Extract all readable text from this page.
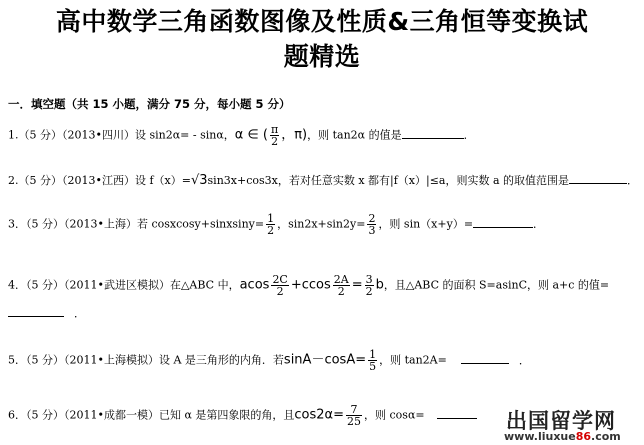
高中数学三角函数图像及性质&三角恒等变换试
题精选
一．填空题（共 15 小题，满分 75 分，每小题 5 分）
1.（5 分）（2013•四川）设 sin2α= - sinα，α ∈ ( $\frac{\pi}{2}$ ，π)，则 tan2α 的值是	．
2.（5 分）（2013•江西）设 f（x）=√3sin3x+cos3x，若对任意实数 x 都有|f（x）|≤a，则实数 a 的取值范围是	．
3．（5 分）（2013•上海）若 cosxcosy+sinxsiny= $\frac{1}{2}$ ，$\sin 2x+\sin 2y= \frac{2}{3}$ ，则 sin（x+y）=	．
4．（5 分）（2011•武进区模拟）在△ABC 中，acos $\frac{2C}{2} +ccos \frac{2A}{2} = \frac{3}{2}$ b，且△ABC 的面积 S=asinC，则 a+c 的值=
．
5．（5 分）（2011•上海模拟）设 A 是三角形的内角．若$\sin A-\cos A= \frac{1}{5}$ ，则 tan2A=	．
6．（5 分）（2011•成都一模）已知 α 是第四象限的角，且$\cos 2\alpha= \frac{7}{25}$ ，则 cosα=	出国留学网
www.liuxue86.com
